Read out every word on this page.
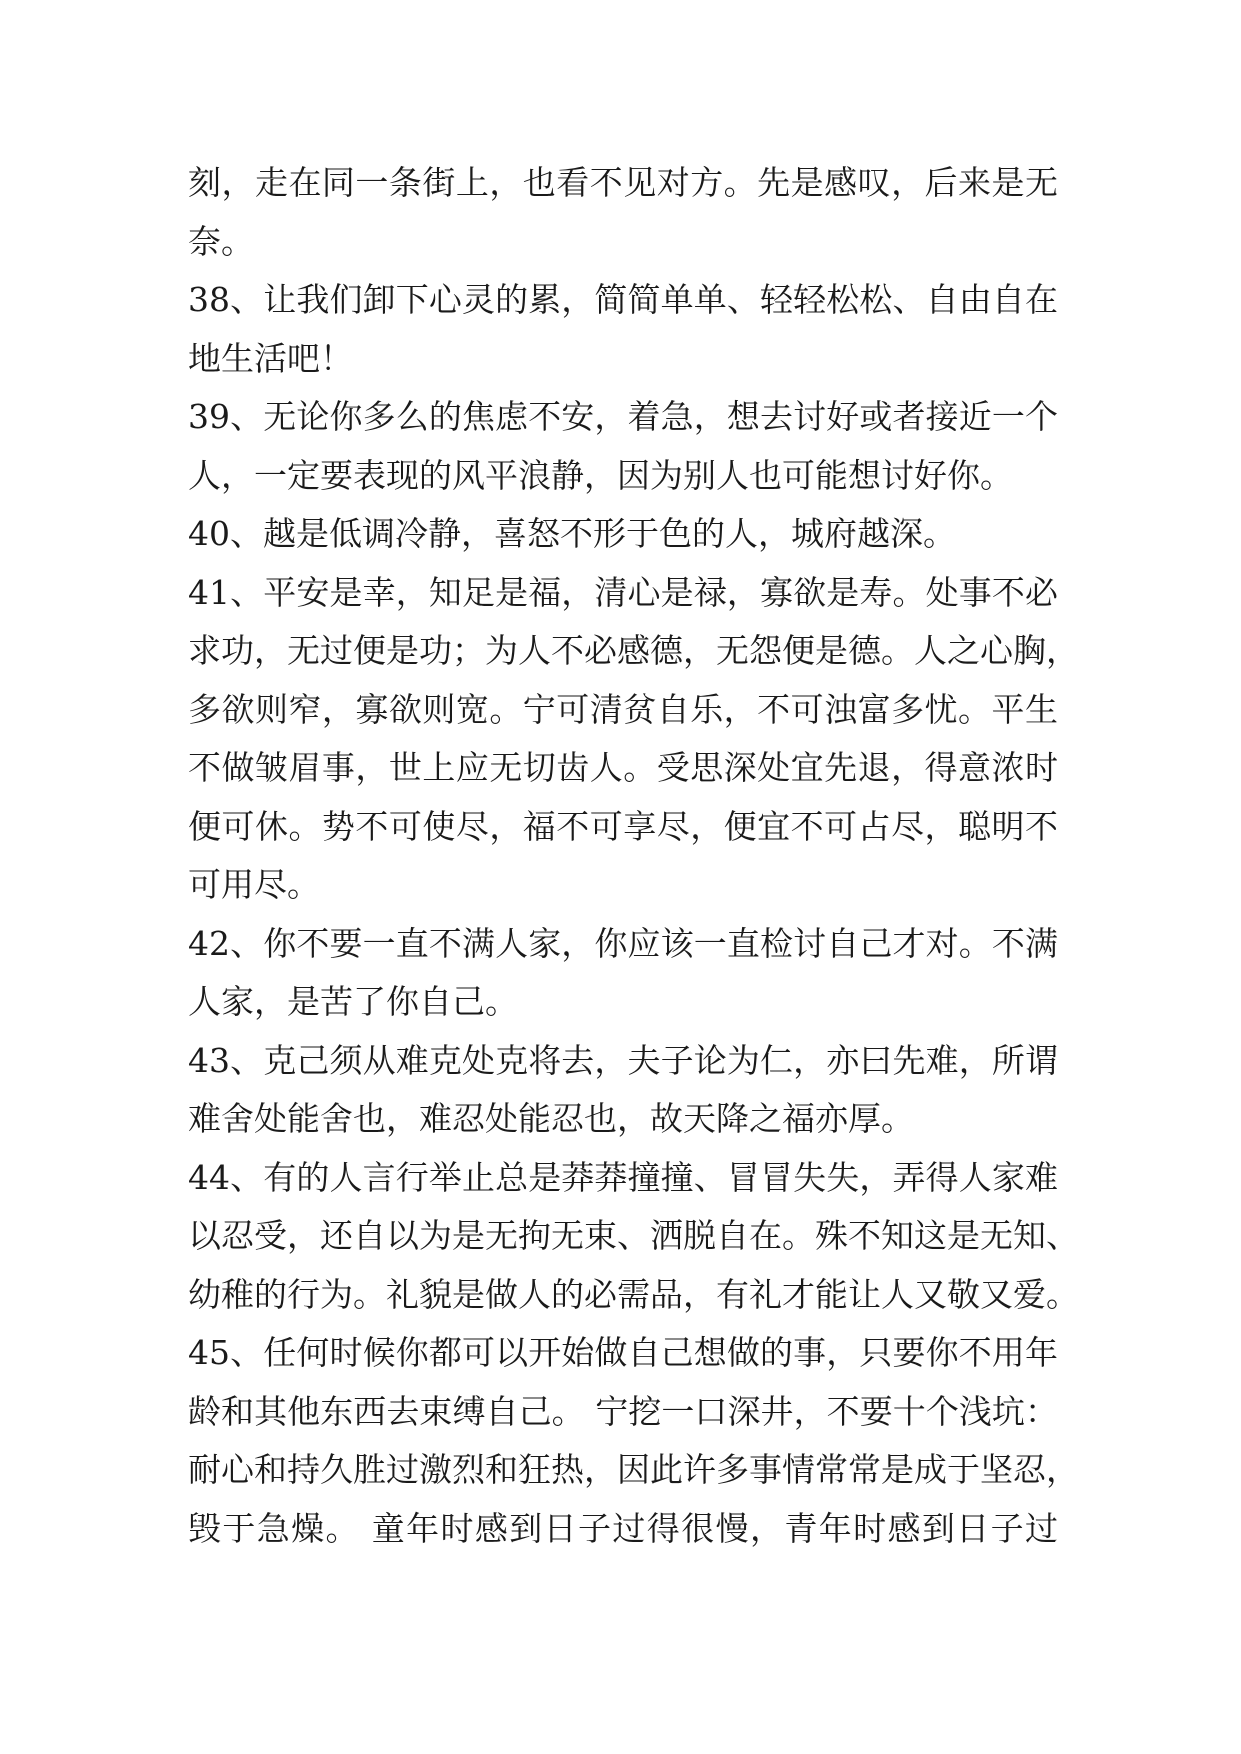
刻，走在同一条街上，也看不见对方。先是感叹，后来是无
奈。
38、让我们卸下心灵的累，简简单单、轻轻松松、自由自在
地生活吧！
39、无论你多么的焦虑不安，着急，想去讨好或者接近一个
人，一定要表现的风平浪静，因为别人也可能想讨好你。
40、越是低调冷静，喜怒不形于色的人，城府越深。
41、平安是幸，知足是福，清心是禄，寡欲是寿。处事不必
求功，无过便是功；为人不必感德，无怨便是德。人之心胸，
多欲则窄，寡欲则宽。宁可清贫自乐，不可浊富多忧。平生
不做皱眉事，世上应无切齿人。受思深处宜先退，得意浓时
便可休。势不可使尽，福不可享尽，便宜不可占尽，聪明不
可用尽。
42、你不要一直不满人家，你应该一直检讨自己才对。不满
人家，是苦了你自己。
43、克己须从难克处克将去，夫子论为仁，亦曰先难，所谓
难舍处能舍也，难忍处能忍也，故天降之福亦厚。
44、有的人言行举止总是莽莽撞撞、冒冒失失，弄得人家难
以忍受，还自以为是无拘无束、洒脱自在。殊不知这是无知、
幼稚的行为。礼貌是做人的必需品，有礼才能让人又敬又爱。
45、任何时候你都可以开始做自己想做的事，只要你不用年
龄和其他东西去束缚自己。 宁挖一口深井，不要十个浅坑：
耐心和持久胜过激烈和狂热，因此许多事情常常是成于坚忍，
毁于急燥。 童年时感到日子过得很慢，青年时感到日子过
